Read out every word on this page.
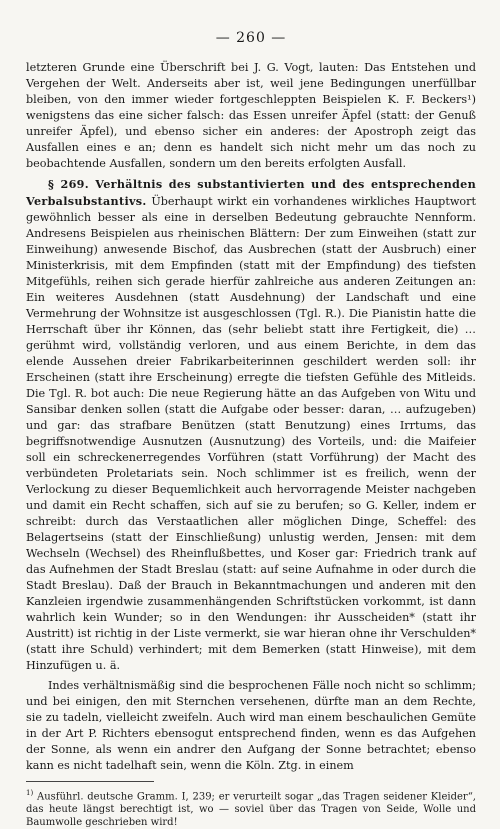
— 260 —

letzteren Grunde eine Überschrift bei J. G. Vogt, lauten: Das Entstehen und Vergehen der Welt. Anderseits aber ist, weil jene Bedingungen unerfüllbar bleiben, von den immer wieder fortgeschleppten Beispielen K. F. Beckers¹) wenigstens das eine sicher falsch: das Essen unreifer Äpfel (statt: der Genuß unreifer Äpfel), und ebenso sicher ein anderes: der Apostroph zeigt das Ausfallen eines e an; denn es handelt sich nicht mehr um das noch zu beobachtende Ausfallen, sondern um den bereits erfolgten Ausfall.

§ 269. Verhältnis des substantivierten und des entsprechenden Verbalsubstantivs. Überhaupt wirkt ein vorhandenes wirkliches Hauptwort gewöhnlich besser als eine in derselben Bedeutung gebrauchte Nennform. Andresens Beispielen aus rheinischen Blättern: Der zum Einweihen (statt zur Einweihung) anwesende Bischof, das Ausbrechen (statt der Ausbruch) einer Ministerkrisis, mit dem Empfinden (statt mit der Empfindung) des tiefsten Mitgefühls, reihen sich gerade hierfür zahlreiche aus anderen Zeitungen an: Ein weiteres Ausdehnen (statt Ausdehnung) der Landschaft und eine Vermehrung der Wohnsitze ist ausgeschlossen (Tgl. R.). Die Pianistin hatte die Herrschaft über ihr Können, das (sehr beliebt statt ihre Fertigkeit, die) … gerühmt wird, vollständig verloren, und aus einem Berichte, in dem das elende Aussehen dreier Fabrikarbeiterinnen geschildert werden soll: ihr Erscheinen (statt ihre Erscheinung) erregte die tiefsten Gefühle des Mitleids. Die Tgl. R. bot auch: Die neue Regierung hätte an das Aufgeben von Witu und Sansibar denken sollen (statt die Aufgabe oder besser: daran, … aufzugeben) und gar: das strafbare Benützen (statt Benutzung) eines Irrtums, das begriffsnotwendige Ausnutzen (Ausnutzung) des Vorteils, und: die Maifeier soll ein schreckenerregendes Vorführen (statt Vorführung) der Macht des verbündeten Proletariats sein. Noch schlimmer ist es freilich, wenn der Verlockung zu dieser Bequemlichkeit auch hervorragende Meister nachgeben und damit ein Recht schaffen, sich auf sie zu berufen; so G. Keller, indem er schreibt: durch das Verstaatlichen aller möglichen Dinge, Scheffel: des Belagertseins (statt der Einschließung) unlustig werden, Jensen: mit dem Wechseln (Wechsel) des Rheinflußbettes, und Koser gar: Friedrich trank auf das Aufnehmen der Stadt Breslau (statt: auf seine Aufnahme in oder durch die Stadt Breslau). Daß der Brauch in Bekanntmachungen und anderen mit den Kanzleien irgendwie zusammenhängenden Schriftstücken vorkommt, ist dann wahrlich kein Wunder; so in den Wendungen: ihr Ausscheiden* (statt ihr Austritt) ist richtig in der Liste vermerkt, sie war hieran ohne ihr Verschulden* (statt ihre Schuld) verhindert; mit dem Bemerken (statt Hinweise), mit dem Hinzufügen u. ä.

Indes verhältnismäßig sind die besprochenen Fälle noch nicht so schlimm; und bei einigen, den mit Sternchen versehenen, dürfte man an dem Rechte, sie zu tadeln, vielleicht zweifeln. Auch wird man einem beschaulichen Gemüte in der Art P. Richters ebensogut entsprechend finden, wenn es das Aufgehen der Sonne, als wenn ein andrer den Aufgang der Sonne betrachtet; ebenso kann es nicht tadelhaft sein, wenn die Köln. Ztg. in einem

$^{1)}$ Ausführl. deutsche Gramm. I, 239; er verurteilt sogar „das Tragen seidener Kleider“, das heute längst berechtigt ist, wo — soviel über das Tragen von Seide, Wolle und Baumwolle geschrieben wird!
